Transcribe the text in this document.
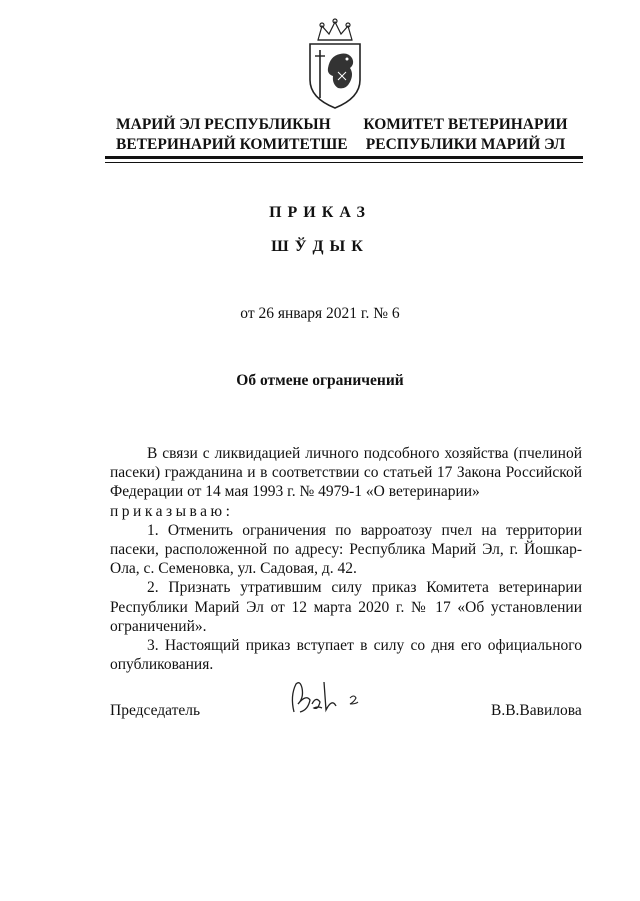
МАРИЙ ЭЛ РЕСПУБЛИКЫН
ВЕТЕРИНАРИЙ КОМИТЕТШЕ
КОМИТЕТ ВЕТЕРИНАРИИ
РЕСПУБЛИКИ МАРИЙ ЭЛ
ПРИКАЗ
ШЎДЫК
от 26 января 2021 г. № 6
Об отмене ограничений

В связи с ликвидацией личного подсобного хозяйства (пчелиной пасеки) гражданина и в соответствии со статьей 17 Закона Российской Федерации от 14 мая 1993 г. № 4979-1 «О ветеринарии»

приказываю:

1. Отменить ограничения по варроатозу пчел на территории пасеки, расположенной по адресу: Республика Марий Эл, г. Йошкар-Ола, с. Семеновка, ул. Садовая, д. 42.

2. Признать утратившим силу приказ Комитета ветеринарии Республики Марий Эл от 12 марта 2020 г. № 17 «Об установлении ограничений».

3. Настоящий приказ вступает в силу со дня его официального опубликования.

Председатель	В.В.Вавилова
